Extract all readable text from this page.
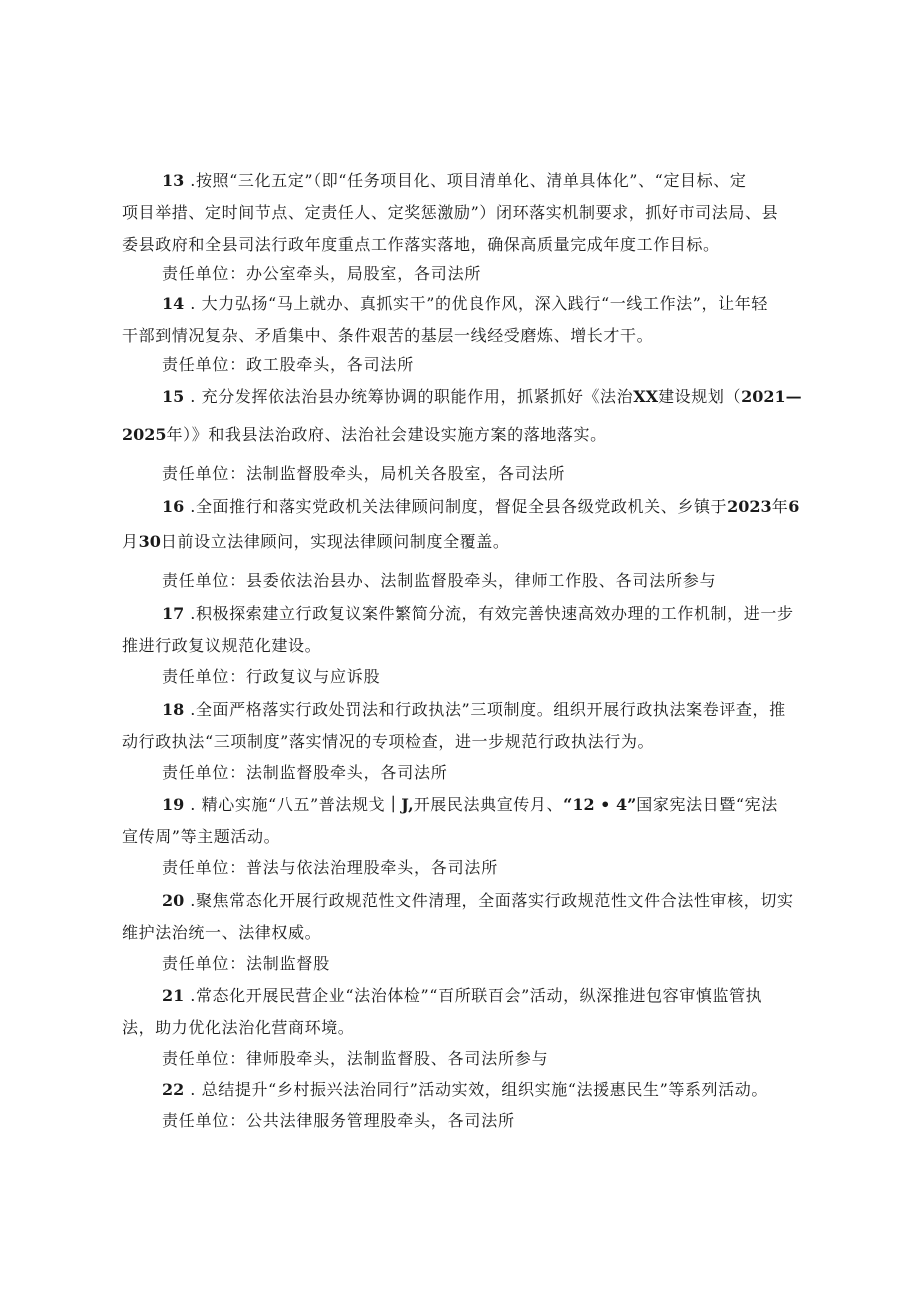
13 .按照“三化五定”（即“任务项目化、项目清单化、清单具体化”、“定目标、定
项目举措、定时间节点、定责任人、定奖惩激励”）闭环落实机制要求，抓好市司法局、县
委县政府和全县司法行政年度重点工作落实落地，确保高质量完成年度工作目标。
责任单位：办公室牵头，局股室，各司法所
14 . 大力弘扬“马上就办、真抓实干”的优良作风，深入践行“一线工作法”，让年轻
干部到情况复杂、矛盾集中、条件艰苦的基层一线经受磨炼、增长才干。
责任单位：政工股牵头，各司法所
15 . 充分发挥依法治县办统筹协调的职能作用，抓紧抓好《法治XX建设规划（2021—
2025年）》和我县法治政府、法治社会建设实施方案的落地落实。
责任单位：法制监督股牵头，局机关各股室，各司法所
16 .全面推行和落实党政机关法律顾问制度，督促全县各级党政机关、乡镇于2023年6
月30日前设立法律顾问，实现法律顾问制度全覆盖。
责任单位：县委依法治县办、法制监督股牵头，律师工作股、各司法所参与
17 .积极探索建立行政复议案件繁简分流，有效完善快速高效办理的工作机制，进一步
推进行政复议规范化建设。
责任单位：行政复议与应诉股
18 .全面严格落实行政处罚法和行政执法”三项制度。组织开展行政执法案卷评查，推
动行政执法“三项制度”落实情况的专项检查，进一步规范行政执法行为。
责任单位：法制监督股牵头，各司法所
19 . 精心实施“八五”普法规戈｜J,开展民法典宣传月、“12 • 4”国家宪法日暨“宪法
宣传周”等主题活动。
责任单位：普法与依法治理股牵头，各司法所
20 .聚焦常态化开展行政规范性文件清理，全面落实行政规范性文件合法性审核，切实
维护法治统一、法律权威。
责任单位：法制监督股
21 .常态化开展民营企业“法治体检”“百所联百会”活动，纵深推进包容审慎监管执
法，助力优化法治化营商环境。
责任单位：律师股牵头，法制监督股、各司法所参与
22 . 总结提升“乡村振兴法治同行”活动实效，组织实施“法援惠民生”等系列活动。
责任单位：公共法律服务管理股牵头，各司法所
